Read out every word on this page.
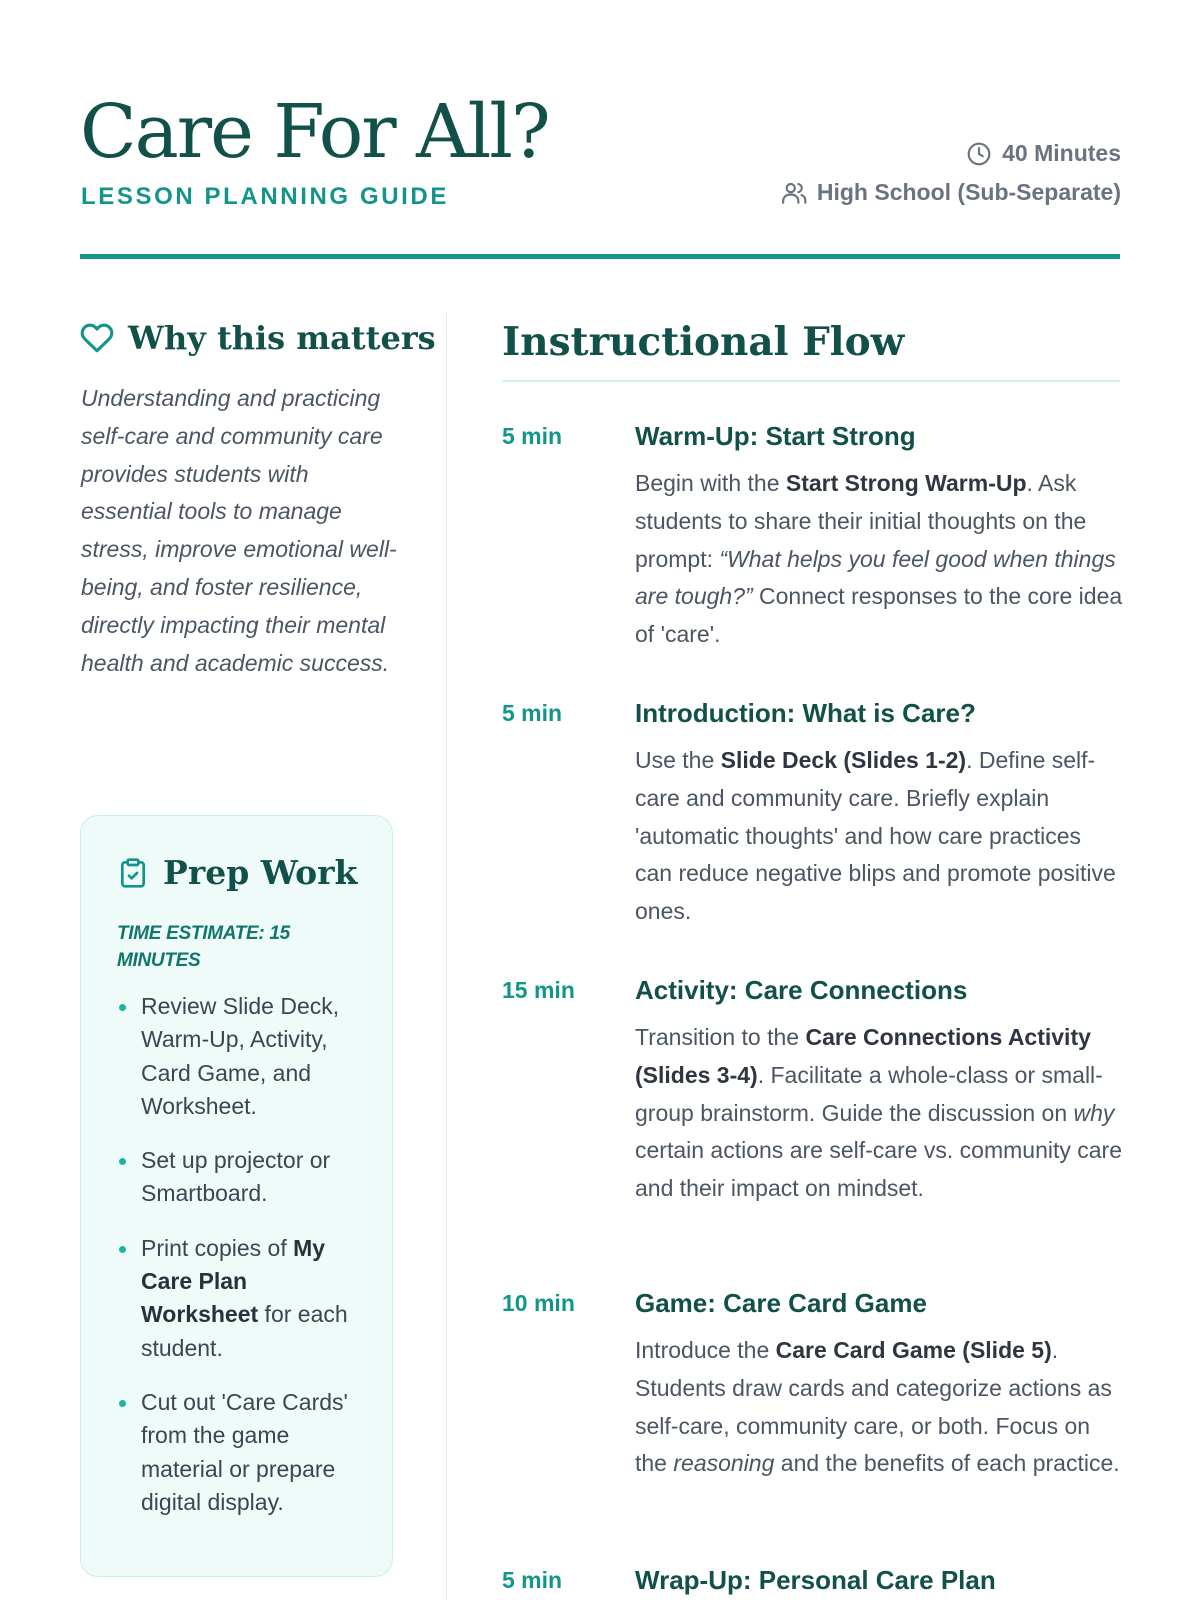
Care For All?
LESSON PLANNING GUIDE
40 Minutes
High School (Sub-Separate)
Why this matters

Understanding and practicing self-care and community care provides students with essential tools to manage stress, improve emotional well-being, and foster resilience, directly impacting their mental health and academic success.

Prep Work
TIME ESTIMATE: 15 MINUTES
Review Slide Deck, Warm-Up, Activity, Card Game, and Worksheet.
Set up projector or Smartboard.
Print copies of My Care Plan Worksheet for each student.
Cut out 'Care Cards' from the game material or prepare digital display.
Instructional Flow
5 min	Warm-Up: Start Strong

Begin with the Start Strong Warm-Up. Ask students to share their initial thoughts on the prompt: “What helps you feel good when things are tough?” Connect responses to the core idea of 'care'.

5 min	Introduction: What is Care?

Use the Slide Deck (Slides 1-2). Define self-care and community care. Briefly explain 'automatic thoughts' and how care practices can reduce negative blips and promote positive ones.

15 min Activity: Care Connections

Transition to the Care Connections Activity (Slides 3-4). Facilitate a whole-class or small-group brainstorm. Guide the discussion on why certain actions are self-care vs. community care and their impact on mindset.

10 min Game: Care Card Game

Introduce the Care Card Game (Slide 5). Students draw cards and categorize actions as self-care, community care, or both. Focus on the reasoning and the benefits of each practice.

5 min	Wrap-Up: Personal Care Plan
